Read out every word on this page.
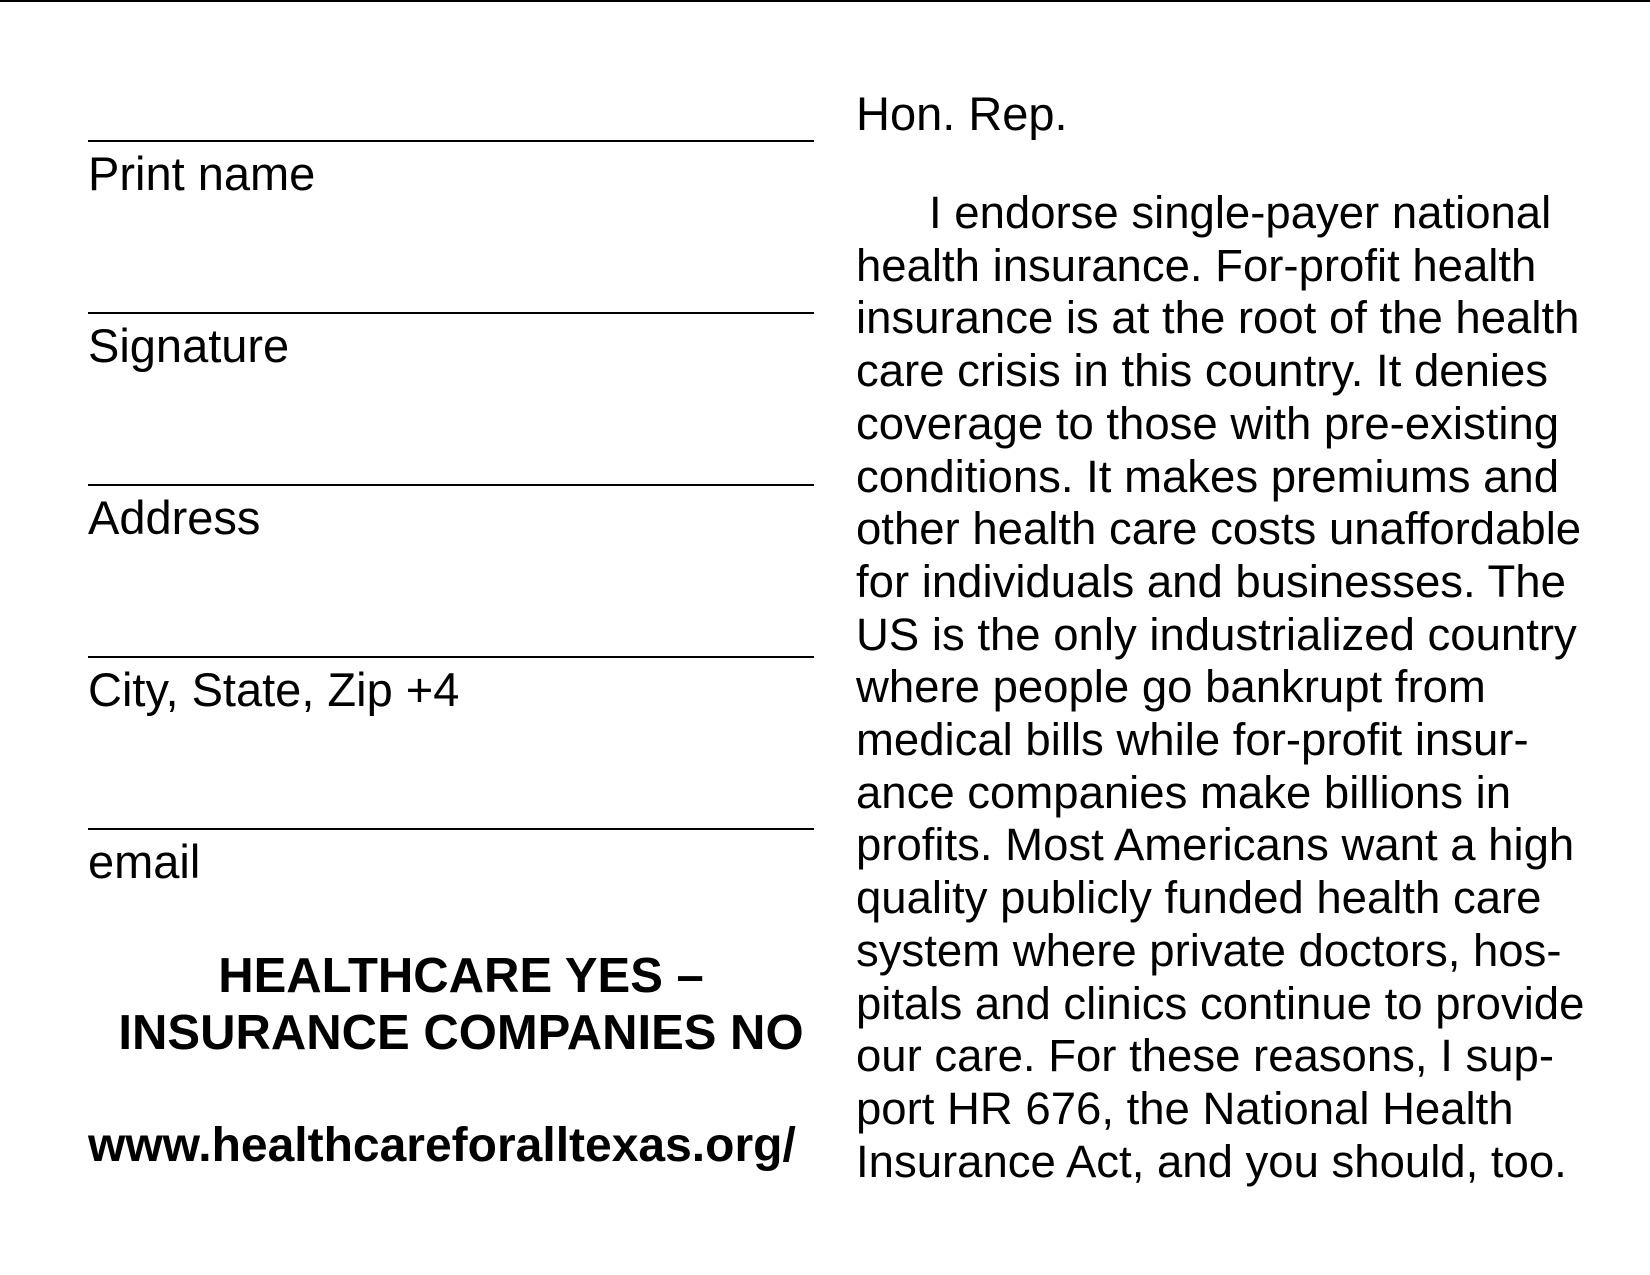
Print name
Signature
Address
City, State, Zip +4
email
HEALTHCARE YES –
INSURANCE COMPANIES NO
www.healthcareforalltexas.org/
Hon. Rep.
I endorse single-payer national
health insurance. For-profit health
insurance is at the root of the health
care crisis in this country. It denies
coverage to those with pre-existing
conditions. It makes premiums and
other health care costs unaffordable
for individuals and businesses. The
US is the only industrialized country
where people go bankrupt from
medical bills while for-profit insur-
ance companies make billions in
profits. Most Americans want a high
quality publicly funded health care
system where private doctors, hos-
pitals and clinics continue to provide
our care. For these reasons, I sup-
port HR 676, the National Health
Insurance Act, and you should, too.
